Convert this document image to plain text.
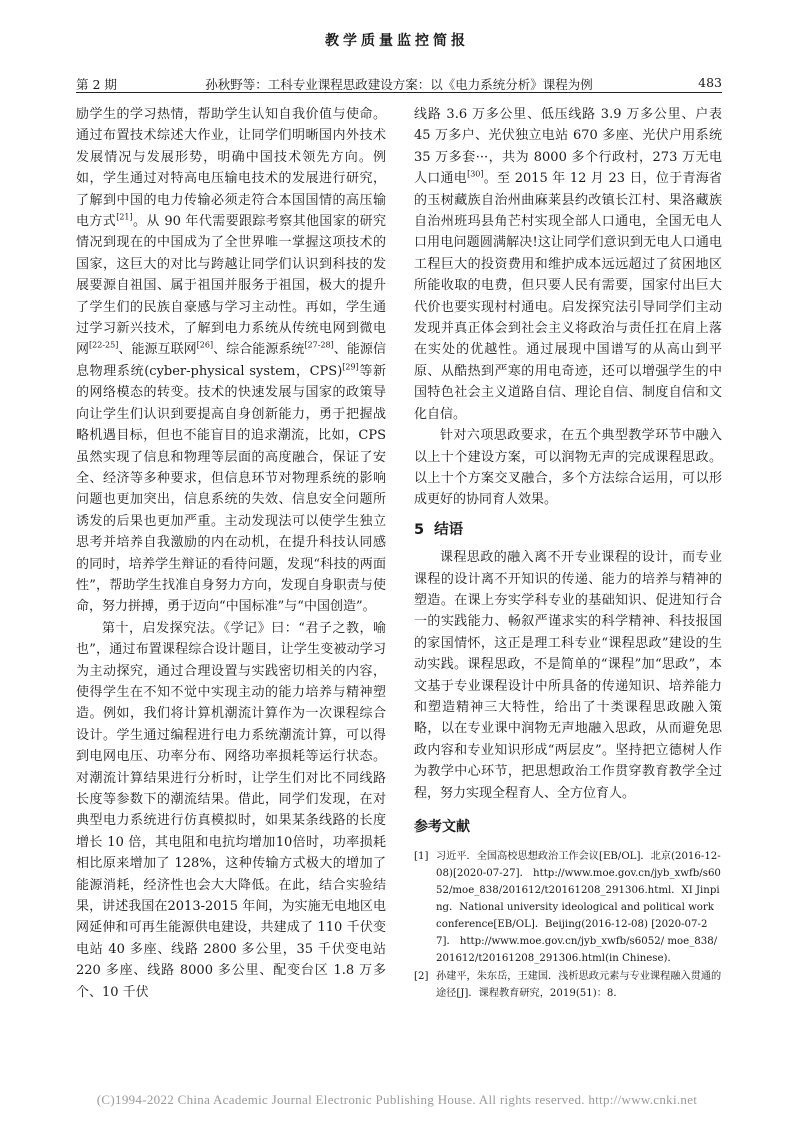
教学质量监控简报
第 2 期	孙秋野等：工科专业课程思政建设方案：以《电力系统分析》课程为例	483

励学生的学习热情，帮助学生认知自我价值与使命。通过布置技术综述大作业，让同学们明晰国内外技术发展情况与发展形势，明确中国技术领先方向。例如，学生通过对特高电压输电技术的发展进行研究，了解到中国的电力传输必须走符合本国国情的高压输电方式[21]。从 90 年代需要跟踪考察其他国家的研究情况到现在的中国成为了全世界唯一掌握这项技术的国家，这巨大的对比与跨越让同学们认识到科技的发展要源自祖国、属于祖国并服务于祖国，极大的提升了学生们的民族自豪感与学习主动性。再如，学生通过学习新兴技术，了解到电力系统从传统电网到微电网[22-25]、能源互联网[26]、综合能源系统[27-28]、能源信息物理系统(cyber-physical system，CPS)[29]等新的网络模态的转变。技术的快速发展与国家的政策导向让学生们认识到要提高自身创新能力，勇于把握战略机遇目标，但也不能盲目的追求潮流，比如，CPS 虽然实现了信息和物理等层面的高度融合，保证了安全、经济等多种要求，但信息环节对物理系统的影响问题也更加突出，信息系统的失效、信息安全问题所诱发的后果也更加严重。主动发现法可以使学生独立思考并培养自我激励的内在动机，在提升科技认同感的同时，培养学生辩证的看待问题，发现“科技的两面性”，帮助学生找准自身努力方向，发现自身职责与使命，努力拼搏，勇于迈向“中国标准”与“中国创造”。

第十，启发探究法。《学记》曰：“君子之教，喻也”，通过布置课程综合设计题目，让学生变被动学习为主动探究，通过合理设置与实践密切相关的内容，使得学生在不知不觉中实现主动的能力培养与精神塑造。例如，我们将计算机潮流计算作为一次课程综合设计。学生通过编程进行电力系统潮流计算，可以得到电网电压、功率分布、网络功率损耗等运行状态。对潮流计算结果进行分析时，让学生们对比不同线路长度等参数下的潮流结果。借此，同学们发现，在对典型电力系统进行仿真模拟时，如果某条线路的长度增长 10 倍，其电阻和电抗均增加10倍时，功率损耗相比原来增加了 128%，这种传输方式极大的增加了能源消耗，经济性也会大大降低。在此，结合实验结果，讲述我国在2013-2015 年间，为实施无电地区电网延伸和可再生能源供电建设，共建成了 110 千伏变电站 40 多座、线路 2800 多公里，35 千伏变电站 220 多座、线路 8000 多公里、配变台区 1.8 万多个、10 千伏

线路 3.6 万多公里、低压线路 3.9 万多公里、户表 45 万多户、光伏独立电站 670 多座、光伏户用系统 35 万多套···，共为 8000 多个行政村，273 万无电人口通电[30]。至 2015 年 12 月 23 日，位于青海省的玉树藏族自治州曲麻莱县约改镇长江村、果洛藏族自治州班玛县角芒村实现全部人口通电，全国无电人口用电问题圆满解决!这让同学们意识到无电人口通电工程巨大的投资费用和维护成本远远超过了贫困地区所能收取的电费，但只要人民有需要，国家付出巨大代价也要实现村村通电。启发探究法引导同学们主动发现并真正体会到社会主义将政治与责任扛在肩上落在实处的优越性。通过展现中国谱写的从高山到平原、从酷热到严寒的用电奇迹，还可以增强学生的中国特色社会主义道路自信、理论自信、制度自信和文化自信。

针对六项思政要求，在五个典型教学环节中融入以上十个建设方案，可以润物无声的完成课程思政。以上十个方案交叉融合，多个方法综合运用，可以形成更好的协同育人效果。

5 结语

课程思政的融入离不开专业课程的设计，而专业课程的设计离不开知识的传递、能力的培养与精神的塑造。在课上夯实学科专业的基础知识、促进知行合一的实践能力、畅叙严谨求实的科学精神、科技报国的家国情怀，这正是理工科专业“课程思政”建设的生动实践。课程思政，不是简单的“课程”加“思政”，本文基于专业课程设计中所具备的传递知识、培养能力和塑造精神三大特性，给出了十类课程思政融入策略，以在专业课中润物无声地融入思政，从而避免思政内容和专业知识形成“两层皮”。坚持把立德树人作为教学中心环节，把思想政治工作贯穿教育教学全过程，努力实现全程育人、全方位育人。

参考文献
[1] 习近平．全国高校思想政治工作会议[EB/OL]．北京(2016-12-08)[2020-07-27]． http://www.moe.gov.cn/jyb_xwfb/s6052/moe_838/201612/t20161208_291306.html．XI Jinping．National university ideological and political work conference[EB/OL]．Beijing(2016-12-08) [2020-07-27]． http://www.moe.gov.cn/jyb_xwfb/s6052/ moe_838/ 201612/t20161208_291306.html(in Chinese)．
[2] 孙建平，朱东岳，王建国．浅析思政元素与专业课程融入贯通的途径[J]．课程教育研究，2019(51)：8．
(C)1994-2022 China Academic Journal Electronic Publishing House. All rights reserved. http://www.cnki.net
